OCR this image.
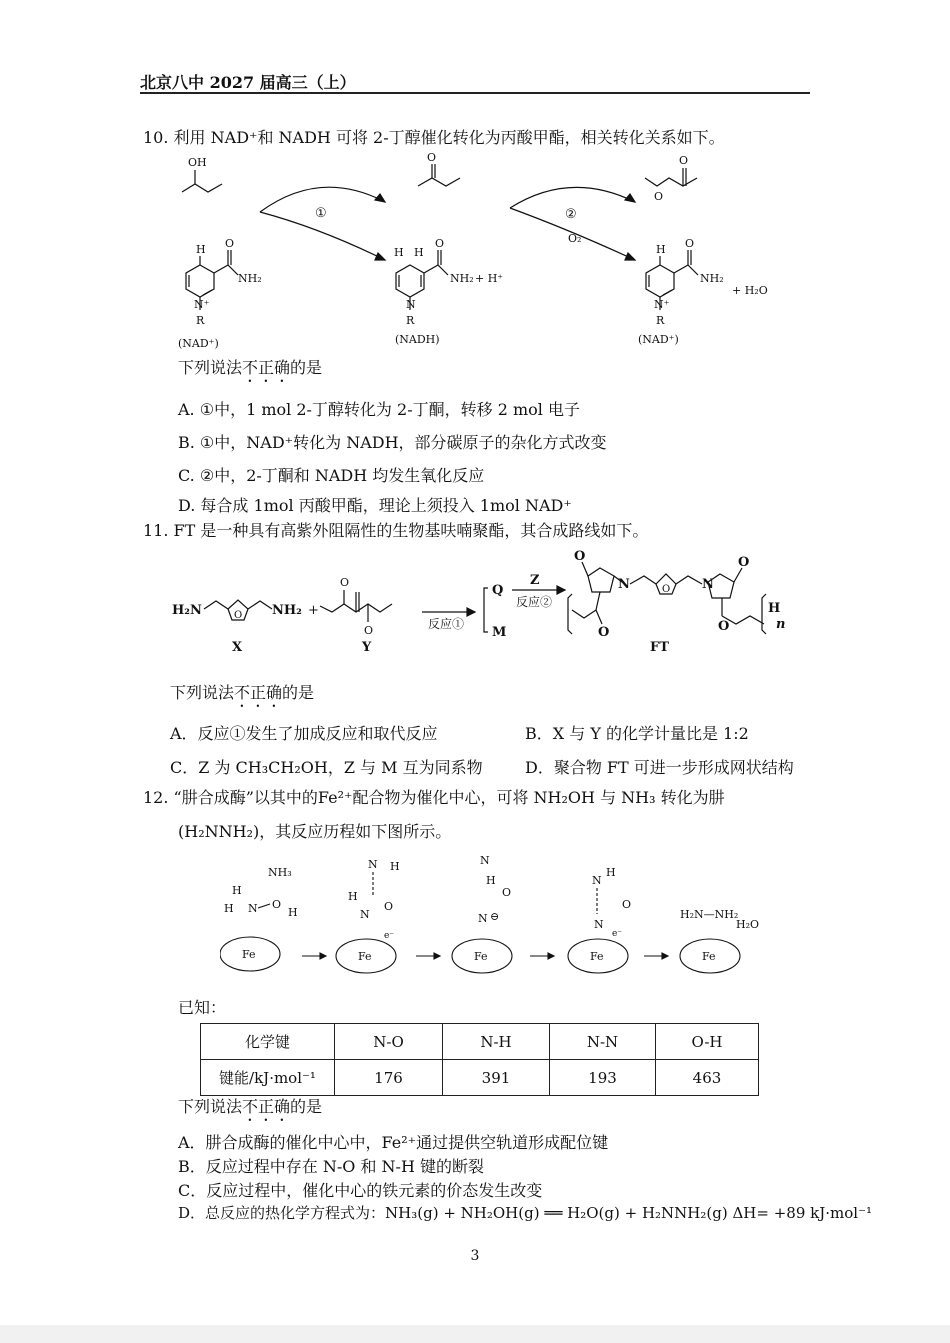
北京八中 2027 届高三（上）
10. 利用 NAD⁺和 NADH 可将 2-丁醇催化转化为丙酸甲酯，相关转化关系如下。
OH	O	O
O
①	②
O₂
H O
NH₂
N⁺
R
(NAD⁺)
H H
O
NH₂ + H⁺
N
R
(NADH)
H O
NH₂
+ H₂O
N⁺
R
(NAD⁺)
下列说法不正确的是
A. ①中，1 mol 2-丁醇转化为 2-丁酮，转移 2 mol 电子
B. ①中，NAD⁺转化为 NADH，部分碳原子的杂化方式改变
C. ②中，2-丁酮和 NADH 均发生氧化反应
D. 每合成 1mol 丙酸甲酯，理论上须投入 1mol NAD⁺
11. FT 是一种具有高紫外阻隔性的生物基呋喃聚酯，其合成路线如下。
H₂N	NH₂
O
X
+
O
O
Y
反应①
Q
M
Z
反应②
O	O
N	N
O
O	O
H
n
FT
下列说法不正确的是
A．反应①发生了加成反应和取代反应	B．X 与 Y 的化学计量比是 1:2
C．Z 为 CH₃CH₂OH，Z 与 M 互为同系物	D．聚合物 FT 可进一步形成网状结构
12. “肼合成酶”以其中的Fe²⁺配合物为催化中心，可将 NH₂OH 与 NH₃ 转化为肼
(H₂NNH₂)，其反应历程如下图所示。
NH₃
H
H N O
H
Fe
N H
H
N
O
e⁻
Fe
N
H
O
N ⊖
Fe
N
H
O
N
e⁻
Fe
H₂N—NH₂
H₂O
Fe
已知：
化学键	N-O	N-H	N-N	O-H
键能/kJ·mol⁻¹	176	391	193	463
下列说法不正确的是
A．肼合成酶的催化中心中，Fe²⁺通过提供空轨道形成配位键
B．反应过程中存在 N-O 和 N-H 键的断裂
C．反应过程中，催化中心的铁元素的价态发生改变
D．总反应的热化学方程式为：NH₃(g) + NH₂OH(g) ══ H₂O(g) + H₂NNH₂(g) ΔH= +89 kJ·mol⁻¹
3
